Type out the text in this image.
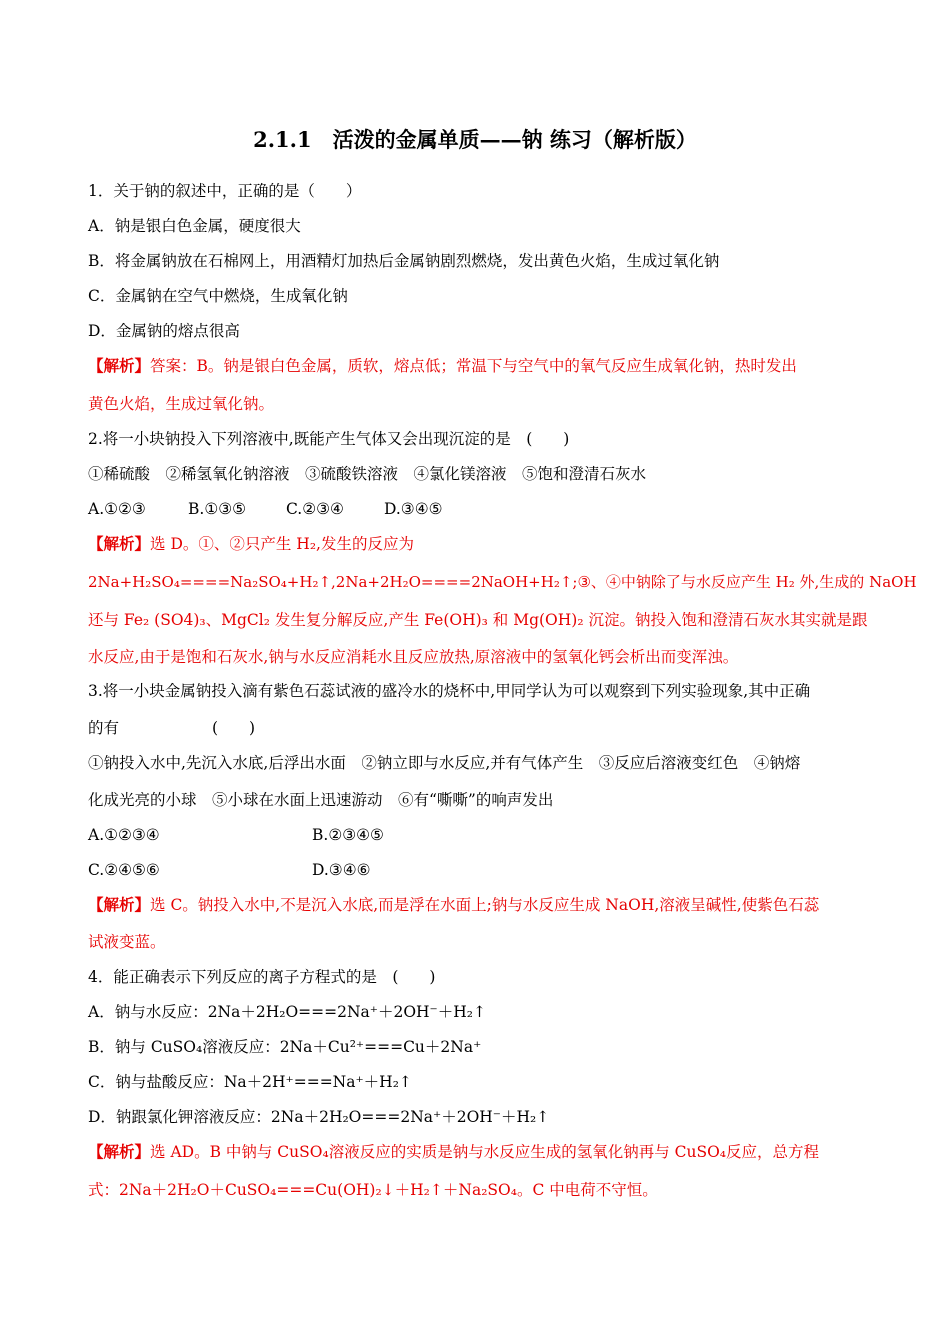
2.1.1　活泼的金属单质——钠 练习（解析版）
1．关于钠的叙述中，正确的是（　　）
A．钠是银白色金属，硬度很大
B．将金属钠放在石棉网上，用酒精灯加热后金属钠剧烈燃烧，发出黄色火焰，生成过氧化钠
C．金属钠在空气中燃烧，生成氧化钠
D．金属钠的熔点很高
【解析】答案：B。钠是银白色金属，质软，熔点低；常温下与空气中的氧气反应生成氧化钠，热时发出
黄色火焰，生成过氧化钠。
2.将一小块钠投入下列溶液中,既能产生气体又会出现沉淀的是　(　　)
①稀硫酸　②稀氢氧化钠溶液　③硫酸铁溶液　④氯化镁溶液　⑤饱和澄清石灰水
A.①②③	B.①③⑤	C.②③④	D.③④⑤
【解析】选 D。①、②只产生 H₂,发生的反应为
2Na+H₂SO₄====Na₂SO₄+H₂↑,2Na+2H₂O====2NaOH+H₂↑;③、④中钠除了与水反应产生 H₂ 外,生成的 NaOH
还与 Fe₂ (SO4)₃、MgCl₂ 发生复分解反应,产生 Fe(OH)₃ 和 Mg(OH)₂ 沉淀。钠投入饱和澄清石灰水其实就是跟
水反应,由于是饱和石灰水,钠与水反应消耗水且反应放热,原溶液中的氢氧化钙会析出而变浑浊。
3.将一小块金属钠投入滴有紫色石蕊试液的盛冷水的烧杯中,甲同学认为可以观察到下列实验现象,其中正确
的有　　　　　　(　　)
①钠投入水中,先沉入水底,后浮出水面　②钠立即与水反应,并有气体产生　③反应后溶液变红色　④钠熔
化成光亮的小球　⑤小球在水面上迅速游动　⑥有“嘶嘶”的响声发出
A.①②③④	B.②③④⑤
C.②④⑤⑥	D.③④⑥
【解析】选 C。钠投入水中,不是沉入水底,而是浮在水面上;钠与水反应生成 NaOH,溶液呈碱性,使紫色石蕊
试液变蓝。
4．能正确表示下列反应的离子方程式的是　(　　)
A．钠与水反应：2Na＋2H₂O===2Na⁺＋2OH⁻＋H₂↑
B．钠与 CuSO₄溶液反应：2Na＋Cu²⁺===Cu＋2Na⁺
C．钠与盐酸反应：Na＋2H⁺===Na⁺＋H₂↑
D．钠跟氯化钾溶液反应：2Na＋2H₂O===2Na⁺＋2OH⁻＋H₂↑
【解析】选 AD。B 中钠与 CuSO₄溶液反应的实质是钠与水反应生成的氢氧化钠再与 CuSO₄反应，总方程
式：2Na＋2H₂O＋CuSO₄===Cu(OH)₂↓＋H₂↑＋Na₂SO₄。C 中电荷不守恒。
